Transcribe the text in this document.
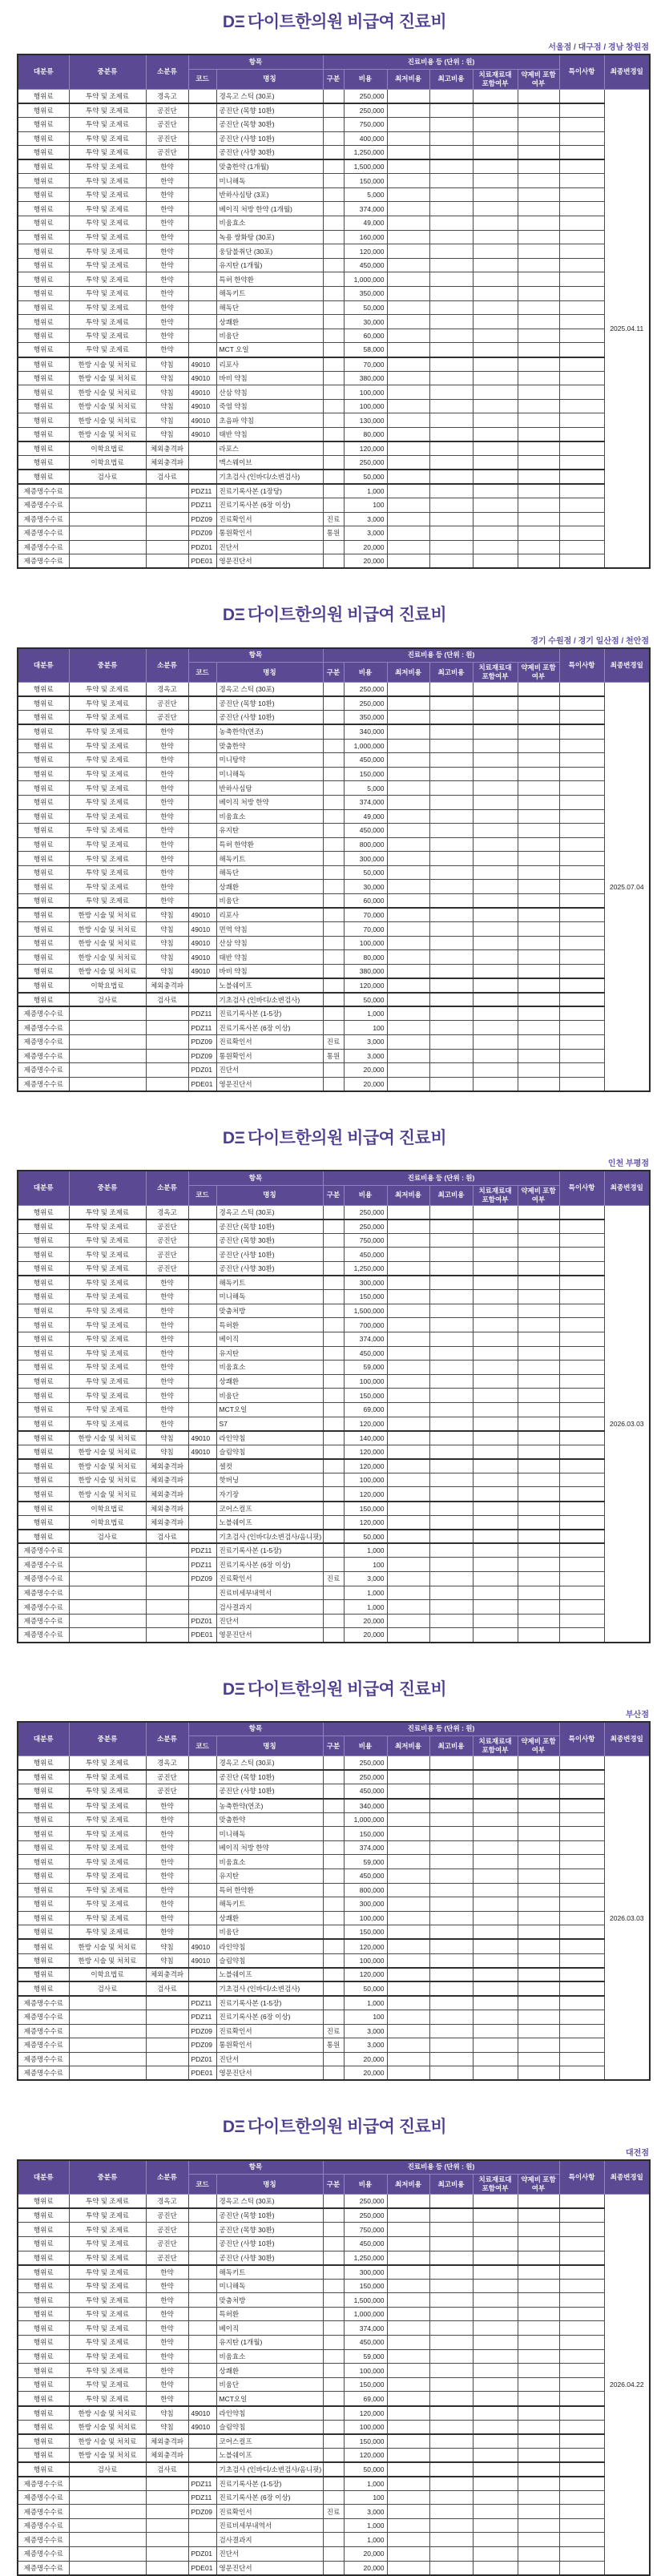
DΞ 다이트한의원 비급여 진료비
서울점 / 대구점 / 경남 창원점
대분류	중분류	소분류	항목		진료비용 등 (단위 : 원)						특이사항	최종변경일
			코드	명칭	구분	비용	최저비용	최고비용	치료재료대 포함여부	약제비 포함여부		
행위료	투약 및 조제료	경옥고		경옥고 스틱 (30포)		250,000						2025.04.11
행위료	투약 및 조제료	공진단		공진단 (목향 10환)		250,000						
행위료	투약 및 조제료	공진단		공진단 (목향 30환)		750,000						
행위료	투약 및 조제료	공진단		공진단 (사향 10환)		400,000						
행위료	투약 및 조제료	공진단		공진단 (사향 30환)		1,250,000						
행위료	투약 및 조제료	한약		맞춤한약 (1개월)		1,500,000						
행위료	투약 및 조제료	한약		미니해독		150,000						
행위료	투약 및 조제료	한약		반하사심탕 (3포)		5,000						
행위료	투약 및 조제료	한약		베이직 처방 한약 (1개월)		374,000						
행위료	투약 및 조제료	한약		비움효소		49,000						
행위료	투약 및 조제료	한약		녹용 쌍화탕 (30포)		160,000						
행위료	투약 및 조제료	한약		웅담불취단 (30포)		120,000						
행위료	투약 및 조제료	한약		유지탄 (1개월)		450,000						
행위료	투약 및 조제료	한약		특허 한약환		1,000,000						
행위료	투약 및 조제료	한약		해독키트		350,000						
행위료	투약 및 조제료	한약		해독단		50,000						
행위료	투약 및 조제료	한약		상쾌환		30,000						
행위료	투약 및 조제료	한약		비움단		60,000						
행위료	투약 및 조제료	한약		MCT 오일		58,000						
행위료	한방 시술 및 처치료	약침	49010	리포사		70,000						
행위료	한방 시술 및 처치료	약침	49010	바비 약침		380,000						
행위료	한방 시술 및 처치료	약침	49010	산삼 약침		100,000						
행위료	한방 시술 및 처치료	약침	49010	죽염 약침		100,000						
행위료	한방 시술 및 처치료	약침	49010	초음파 약침		130,000						
행위료	한방 시술 및 처치료	약침	49010	태반 약침		80,000						
행위료	이학요법료	체외충격파		라포스		120,000						
행위료	이학요법료	체외충격파		맥스웨이브		250,000						
행위료	검사료	검사료		기초검사 (인바디/소변검사)		50,000						
제증명수수료			PDZ11	진료기록사본 (1장당)		1,000						
제증명수수료			PDZ11	진료기록사본 (6장 이상)		100						
제증명수수료			PDZ09	진료확인서	진료	3,000						
제증명수수료			PDZ09	통원확인서	통원	3,000						
제증명수수료			PDZ01	진단서		20,000						
제증명수수료			PDE01	영문진단서		20,000						
DΞ 다이트한의원 비급여 진료비
경기 수원점 / 경기 일산점 / 천안점
대분류	중분류	소분류	항목		진료비용 등 (단위 : 원)						특이사항	최종변경일
			코드	명칭	구분	비용	최저비용	최고비용	치료재료대 포함여부	약제비 포함여부		
행위료	투약 및 조제료	경옥고		경옥고 스틱 (30포)		250,000						2025.07.04
행위료	투약 및 조제료	공진단		공진단 (목향 10환)		250,000						
행위료	투약 및 조제료	공진단		공진단 (사향 10환)		350,000						
행위료	투약 및 조제료	한약		농축한약(연조)		340,000						
행위료	투약 및 조제료	한약		맞춤한약		1,000,000						
행위료	투약 및 조제료	한약		미니탕약		450,000						
행위료	투약 및 조제료	한약		미니해독		150,000						
행위료	투약 및 조제료	한약		반하사심탕		5,000						
행위료	투약 및 조제료	한약		베이직 처방 한약		374,000						
행위료	투약 및 조제료	한약		비움효소		49,000						
행위료	투약 및 조제료	한약		유지탄		450,000						
행위료	투약 및 조제료	한약		특허 한약환		800,000						
행위료	투약 및 조제료	한약		해독키트		300,000						
행위료	투약 및 조제료	한약		해독단		50,000						
행위료	투약 및 조제료	한약		상쾌환		30,000						
행위료	투약 및 조제료	한약		비움단		60,000						
행위료	한방 시술 및 처치료	약침	49010	리포사		70,000						
행위료	한방 시술 및 처치료	약침	49010	면역 약침		70,000						
행위료	한방 시술 및 처치료	약침	49010	산삼 약침		100,000						
행위료	한방 시술 및 처치료	약침	49010	태반 약침		80,000						
행위료	한방 시술 및 처치료	약침	49010	바비 약침		380,000						
행위료	이학요법료	체외충격파		노블쉐이프		120,000						
행위료	검사료	검사료		기초검사 (인바디/소변검사)		50,000						
제증명수수료			PDZ11	진료기록사본 (1-5장)		1,000						
제증명수수료			PDZ11	진료기록사본 (6장 이상)		100						
제증명수수료			PDZ09	진료확인서	진료	3,000						
제증명수수료			PDZ09	통원확인서	통원	3,000						
제증명수수료			PDZ01	진단서		20,000						
제증명수수료			PDE01	영문진단서		20,000						
DΞ 다이트한의원 비급여 진료비
인천 부평점
대분류	중분류	소분류	항목		진료비용 등 (단위 : 원)						특이사항	최종변경일
			코드	명칭	구분	비용	최저비용	최고비용	치료재료대 포함여부	약제비 포함여부		
행위료	투약 및 조제료	경옥고		경옥고 스틱 (30포)		250,000						2026.03.03
행위료	투약 및 조제료	공진단		공진단 (목향 10환)		250,000						
행위료	투약 및 조제료	공진단		공진단 (목향 30환)		750,000						
행위료	투약 및 조제료	공진단		공진단 (사향 10환)		450,000						
행위료	투약 및 조제료	공진단		공진단 (사향 30환)		1,250,000						
행위료	투약 및 조제료	한약		해독키트		300,000						
행위료	투약 및 조제료	한약		미니해독		150,000						
행위료	투약 및 조제료	한약		맞춤처방		1,500,000						
행위료	투약 및 조제료	한약		특허환		700,000						
행위료	투약 및 조제료	한약		베이직		374,000						
행위료	투약 및 조제료	한약		유지탄		450,000						
행위료	투약 및 조제료	한약		비움효소		59,000						
행위료	투약 및 조제료	한약		상쾌환		100,000						
행위료	투약 및 조제료	한약		비움단		150,000						
행위료	투약 및 조제료	한약		MCT오일		69,000						
행위료	투약 및 조제료	한약		S7		120,000						
행위료	한방 시술 및 처치료	약침	49010	라인약침		140,000						
행위료	한방 시술 및 처치료	약침	49010	슬림약침		120,000						
행위료	한방 시술 및 처치료	체외충격파		셀컷		120,000						
행위료	한방 시술 및 처치료	체외충격파		핫버닝		100,000						
행위료	한방 시술 및 처치료	체외충격파		자기장		120,000						
행위료	이학요법료	체외충격파		코어스컬프		150,000						
행위료	이학요법료	체외충격파		노블쉐이프		120,000						
행위료	검사료	검사료		기초검사 (인바디/소변검사/옴니핏)		50,000						
제증명수수료			PDZ11	진료기록사본 (1-5장)		1,000						
제증명수수료			PDZ11	진료기록사본 (6장 이상)		100						
제증명수수료			PDZ09	진료확인서	진료	3,000						
제증명수수료				진료비세부내역서		1,000						
제증명수수료				검사결과지		1,000						
제증명수수료			PDZ01	진단서		20,000						
제증명수수료			PDE01	영문진단서		20,000						
DΞ 다이트한의원 비급여 진료비
부산점
대분류	중분류	소분류	항목		진료비용 등 (단위 : 원)						특이사항	최종변경일
			코드	명칭	구분	비용	최저비용	최고비용	치료재료대 포함여부	약제비 포함여부		
행위료	투약 및 조제료	경옥고		경옥고 스틱 (30포)		250,000						2026.03.03
행위료	투약 및 조제료	공진단		공진단 (목향 10환)		250,000						
행위료	투약 및 조제료	공진단		공진단 (사향 10환)		450,000						
행위료	투약 및 조제료	한약		농축한약(연조)		340,000						
행위료	투약 및 조제료	한약		맞춤한약		1,000,000						
행위료	투약 및 조제료	한약		미니해독		150,000						
행위료	투약 및 조제료	한약		베이직 처방 한약		374,000						
행위료	투약 및 조제료	한약		비움효소		59,000						
행위료	투약 및 조제료	한약		유지탄		450,000						
행위료	투약 및 조제료	한약		특허 한약환		800,000						
행위료	투약 및 조제료	한약		해독키트		300,000						
행위료	투약 및 조제료	한약		상쾌환		100,000						
행위료	투약 및 조제료	한약		비움단		150,000						
행위료	한방 시술 및 처치료	약침	49010	라인약침		120,000						
행위료	한방 시술 및 처치료	약침	49010	슬림약침		100,000						
행위료	이학요법료	체외충격파		노블쉐이프		120,000						
행위료	검사료	검사료		기초검사 (인바디/소변검사)		50,000						
제증명수수료			PDZ11	진료기록사본 (1-5장)		1,000						
제증명수수료			PDZ11	진료기록사본 (6장 이상)		100						
제증명수수료			PDZ09	진료확인서	진료	3,000						
제증명수수료			PDZ09	통원확인서	통원	3,000						
제증명수수료			PDZ01	진단서		20,000						
제증명수수료			PDE01	영문진단서		20,000						
DΞ 다이트한의원 비급여 진료비
대전점
대분류	중분류	소분류	항목		진료비용 등 (단위 : 원)						특이사항	최종변경일
			코드	명칭	구분	비용	최저비용	최고비용	치료재료대 포함여부	약제비 포함여부		
행위료	투약 및 조제료	경옥고		경옥고 스틱 (30포)		250,000						2026.04.22
행위료	투약 및 조제료	공진단		공진단 (목향 10환)		250,000						
행위료	투약 및 조제료	공진단		공진단 (목향 30환)		750,000						
행위료	투약 및 조제료	공진단		공진단 (사향 10환)		450,000						
행위료	투약 및 조제료	공진단		공진단 (사향 30환)		1,250,000						
행위료	투약 및 조제료	한약		해독키트		300,000						
행위료	투약 및 조제료	한약		미니해독		150,000						
행위료	투약 및 조제료	한약		맞춤처방		1,500,000						
행위료	투약 및 조제료	한약		특허환		1,000,000						
행위료	투약 및 조제료	한약		베이직		374,000						
행위료	투약 및 조제료	한약		유지탄 (1개월)		450,000						
행위료	투약 및 조제료	한약		비움효소		59,000						
행위료	투약 및 조제료	한약		상쾌환		100,000						
행위료	투약 및 조제료	한약		비움단		150,000						
행위료	투약 및 조제료	한약		MCT오일		69,000						
행위료	한방 시술 및 처치료	약침	49010	라인약침		120,000						
행위료	한방 시술 및 처치료	약침	49010	슬림약침		100,000						
행위료	한방 시술 및 처치료	체외충격파		코어스컬프		150,000						
행위료	한방 시술 및 처치료	체외충격파		노블쉐이프		120,000						
행위료	검사료	검사료		기초검사 (인바디/소변검사/옴니핏)		50,000						
제증명수수료			PDZ11	진료기록사본 (1-5장)		1,000						
제증명수수료			PDZ11	진료기록사본 (6장 이상)		100						
제증명수수료			PDZ09	진료확인서	진료	3,000						
제증명수수료				진료비세부내역서		1,000						
제증명수수료				검사결과지		1,000						
제증명수수료			PDZ01	진단서		20,000						
제증명수수료			PDE01	영문진단서		20,000						
